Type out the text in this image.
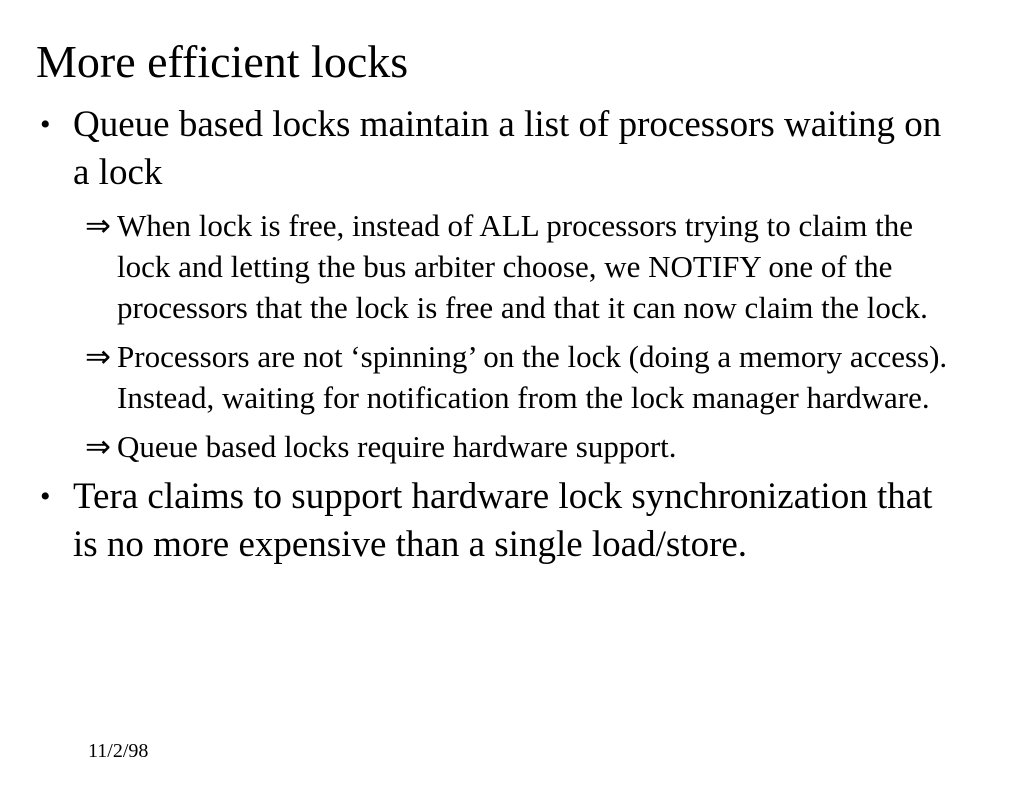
More efficient locks
• Queue based locks maintain a list of processors waiting on a lock
⇒ When lock is free, instead of ALL processors trying to claim the lock and letting the bus arbiter choose, we NOTIFY one of the processors that the lock is free and that it can now claim the lock.
⇒ Processors are not ‘spinning’ on the lock (doing a memory access).  Instead, waiting for notification from the lock manager hardware.
⇒ Queue based locks require hardware support.
• Tera claims to support hardware lock synchronization that is no more expensive than a single load/store.
11/2/98
